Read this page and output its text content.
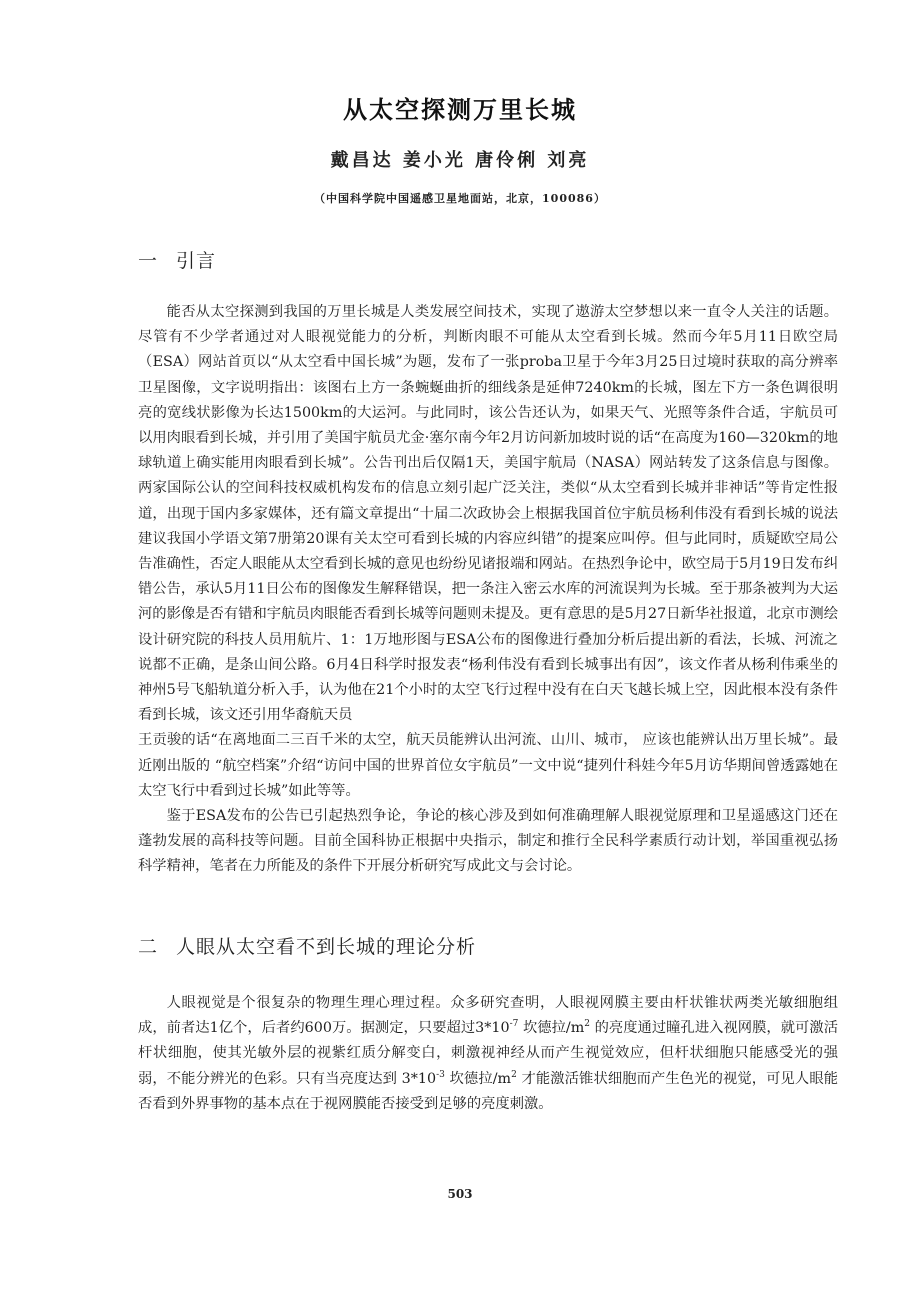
从太空探测万里长城
戴昌达 姜小光 唐伶俐 刘亮
（中国科学院中国遥感卫星地面站，北京，100086）
一 引言

能否从太空探测到我国的万里长城是人类发展空间技术，实现了遨游太空梦想以来一直令人关注的话题。尽管有不少学者通过对人眼视觉能力的分析，判断肉眼不可能从太空看到长城。然而今年5月11日欧空局（ESA）网站首页以“从太空看中国长城”为题，发布了一张proba卫星于今年3月25日过境时获取的高分辨率卫星图像，文字说明指出：该图右上方一条蜿蜒曲折的细线条是延伸7240km的长城，图左下方一条色调很明亮的宽线状影像为长达1500km的大运河。与此同时，该公告还认为，如果天气、光照等条件合适，宇航员可以用肉眼看到长城，并引用了美国宇航员尤金·塞尔南今年2月访问新加坡时说的话“在高度为160—320km的地球轨道上确实能用肉眼看到长城”。公告刊出后仅隔1天，美国宇航局（NASA）网站转发了这条信息与图像。两家国际公认的空间科技权威机构发布的信息立刻引起广泛关注，类似“从太空看到长城并非神话”等肯定性报道，出现于国内多家媒体，还有篇文章提出“十届二次政协会上根据我国首位宇航员杨利伟没有看到长城的说法建议我国小学语文第7册第20课有关太空可看到长城的内容应纠错”的提案应叫停。但与此同时，质疑欧空局公告准确性，否定人眼能从太空看到长城的意见也纷纷见诸报端和网站。在热烈争论中，欧空局于5月19日发布纠错公告，承认5月11日公布的图像发生解释错误，把一条注入密云水库的河流误判为长城。至于那条被判为大运河的影像是否有错和宇航员肉眼能否看到长城等问题则未提及。更有意思的是5月27日新华社报道，北京市测绘设计研究院的科技人员用航片、1：1万地形图与ESA公布的图像进行叠加分析后提出新的看法，长城、河流之说都不正确，是条山间公路。6月4日科学时报发表“杨利伟没有看到长城事出有因”，该文作者从杨利伟乘坐的神州5号飞船轨道分析入手，认为他在21个小时的太空飞行过程中没有在白天飞越长城上空，因此根本没有条件看到长城，该文还引用华裔航天员

王贡骏的话“在离地面二三百千米的太空，航天员能辨认出河流、山川、城市， 应该也能辨认出万里长城”。最近刚出版的 “航空档案”介绍“访问中国的世界首位女宇航员”一文中说“捷列什科娃今年5月访华期间曾透露她在太空飞行中看到过长城”如此等等。

鉴于ESA发布的公告已引起热烈争论，争论的核心涉及到如何准确理解人眼视觉原理和卫星遥感这门还在蓬勃发展的高科技等问题。目前全国科协正根据中央指示，制定和推行全民科学素质行动计划，举国重视弘扬科学精神，笔者在力所能及的条件下开展分析研究写成此文与会讨论。

二 人眼从太空看不到长城的理论分析

人眼视觉是个很复杂的物理生理心理过程。众多研究查明，人眼视网膜主要由杆状锥状两类光敏细胞组成，前者达1亿个，后者约600万。据测定，只要超过$3*10^{-7}$ 坎德拉$/m^2$ 的亮度通过瞳孔进入视网膜，就可激活杆状细胞，使其光敏外层的视紫红质分解变白，刺激视神经从而产生视觉效应，但杆状细胞只能感受光的强弱，不能分辨光的色彩。只有当亮度达到 $3*10^{-3}$ 坎德拉$/m^2$ 才能激活锥状细胞而产生色光的视觉，可见人眼能否看到外界事物的基本点在于视网膜能否接受到足够的亮度刺激。

503
